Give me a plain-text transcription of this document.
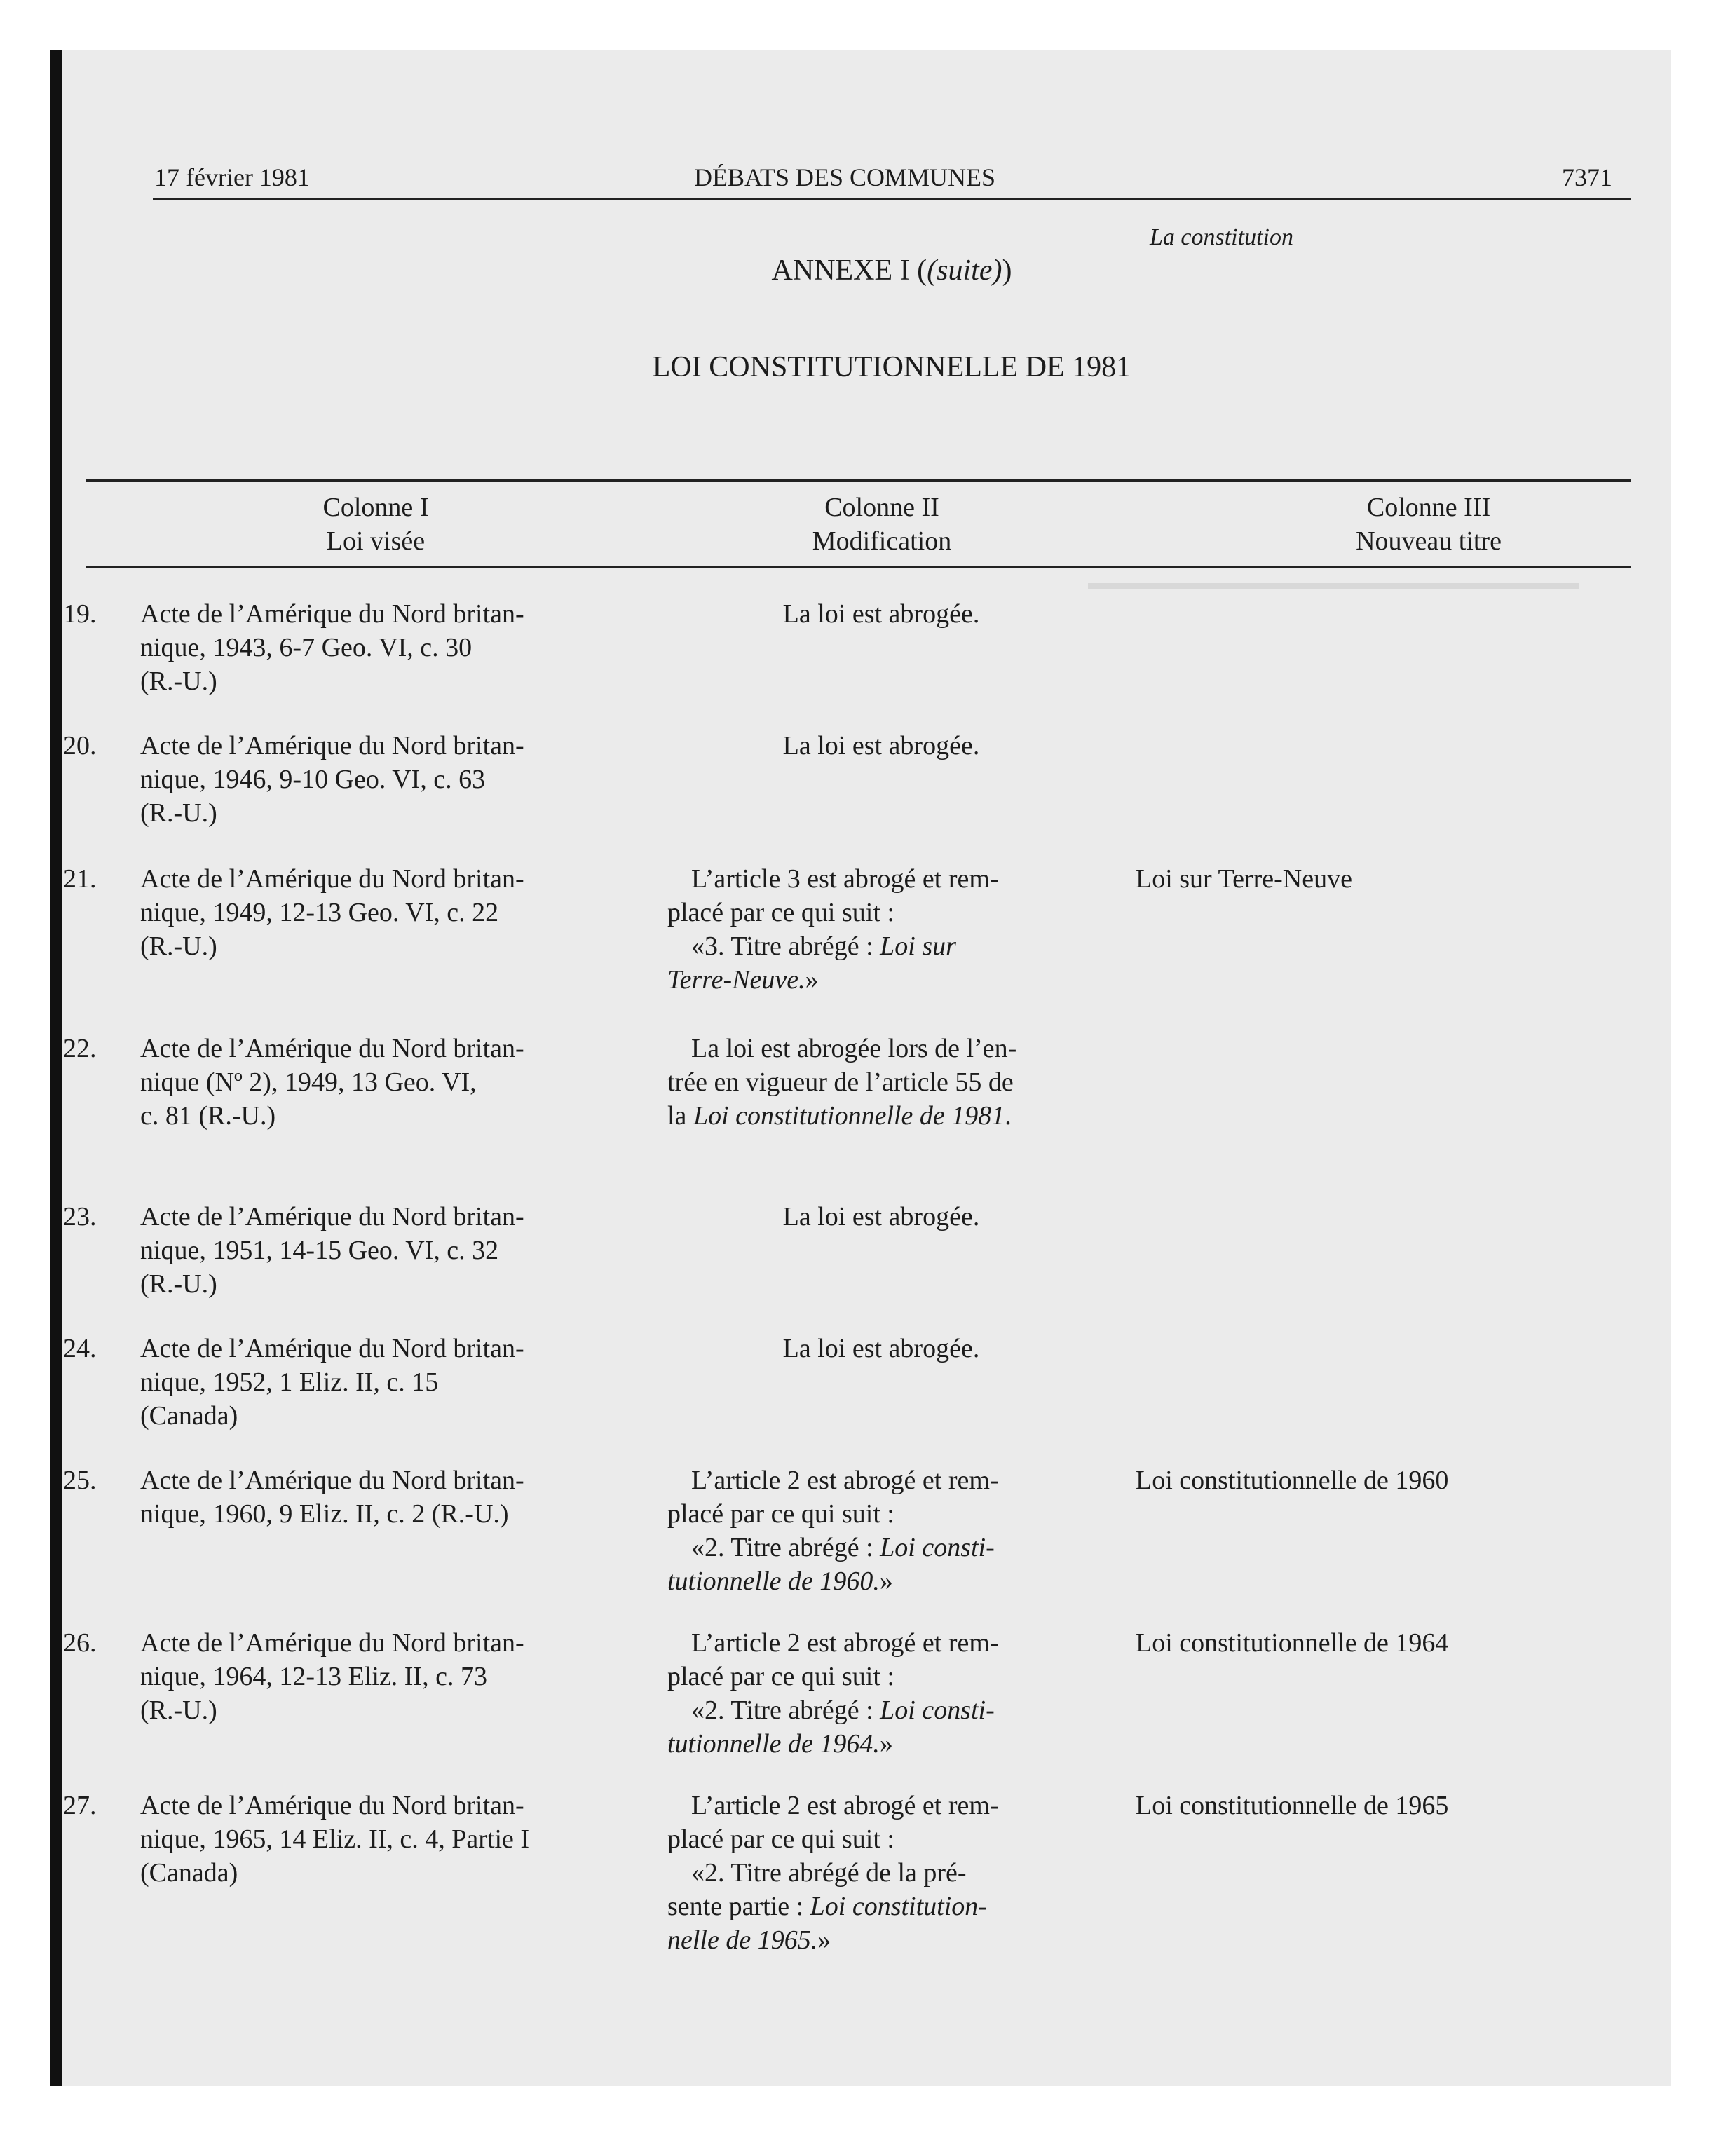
17 février 1981	DÉBATS DES COMMUNES	7371
La constitution
ANNEXE I ((suite))
LOI CONSTITUTIONNELLE DE 1981
Colonne I
Loi visée
Colonne II
Modification
Colonne III
Nouveau titre
19. Acte de l’Amérique du Nord britan-
nique, 1943, 6-7 Geo. VI, c. 30
(R.-U.)
La loi est abrogée.
20. Acte de l’Amérique du Nord britan-
nique, 1946, 9-10 Geo. VI, c. 63
(R.-U.)
La loi est abrogée.
21. Acte de l’Amérique du Nord britan-
nique, 1949, 12-13 Geo. VI, c. 22
(R.-U.)
L’article 3 est abrogé et rem-
placé par ce qui suit :
«3. Titre abrégé : Loi sur
Terre-Neuve.»
Loi sur Terre-Neuve
22. Acte de l’Amérique du Nord britan-
nique (Nº 2), 1949, 13 Geo. VI,
c. 81 (R.-U.)
La loi est abrogée lors de l’en-
trée en vigueur de l’article 55 de
la Loi constitutionnelle de 1981.
23. Acte de l’Amérique du Nord britan-
nique, 1951, 14-15 Geo. VI, c. 32
(R.-U.)
La loi est abrogée.
24. Acte de l’Amérique du Nord britan-
nique, 1952, 1 Eliz. II, c. 15
(Canada)
La loi est abrogée.
25. Acte de l’Amérique du Nord britan-
nique, 1960, 9 Eliz. II, c. 2 (R.-U.)
L’article 2 est abrogé et rem-
placé par ce qui suit :
«2. Titre abrégé : Loi consti-
tutionnelle de 1960.»
Loi constitutionnelle de 1960
26. Acte de l’Amérique du Nord britan-
nique, 1964, 12-13 Eliz. II, c. 73
(R.-U.)
L’article 2 est abrogé et rem-
placé par ce qui suit :
«2. Titre abrégé : Loi consti-
tutionnelle de 1964.»
Loi constitutionnelle de 1964
27. Acte de l’Amérique du Nord britan-
nique, 1965, 14 Eliz. II, c. 4, Partie I
(Canada)
L’article 2 est abrogé et rem-
placé par ce qui suit :
«2. Titre abrégé de la pré-
sente partie : Loi constitution-
nelle de 1965.»
Loi constitutionnelle de 1965
